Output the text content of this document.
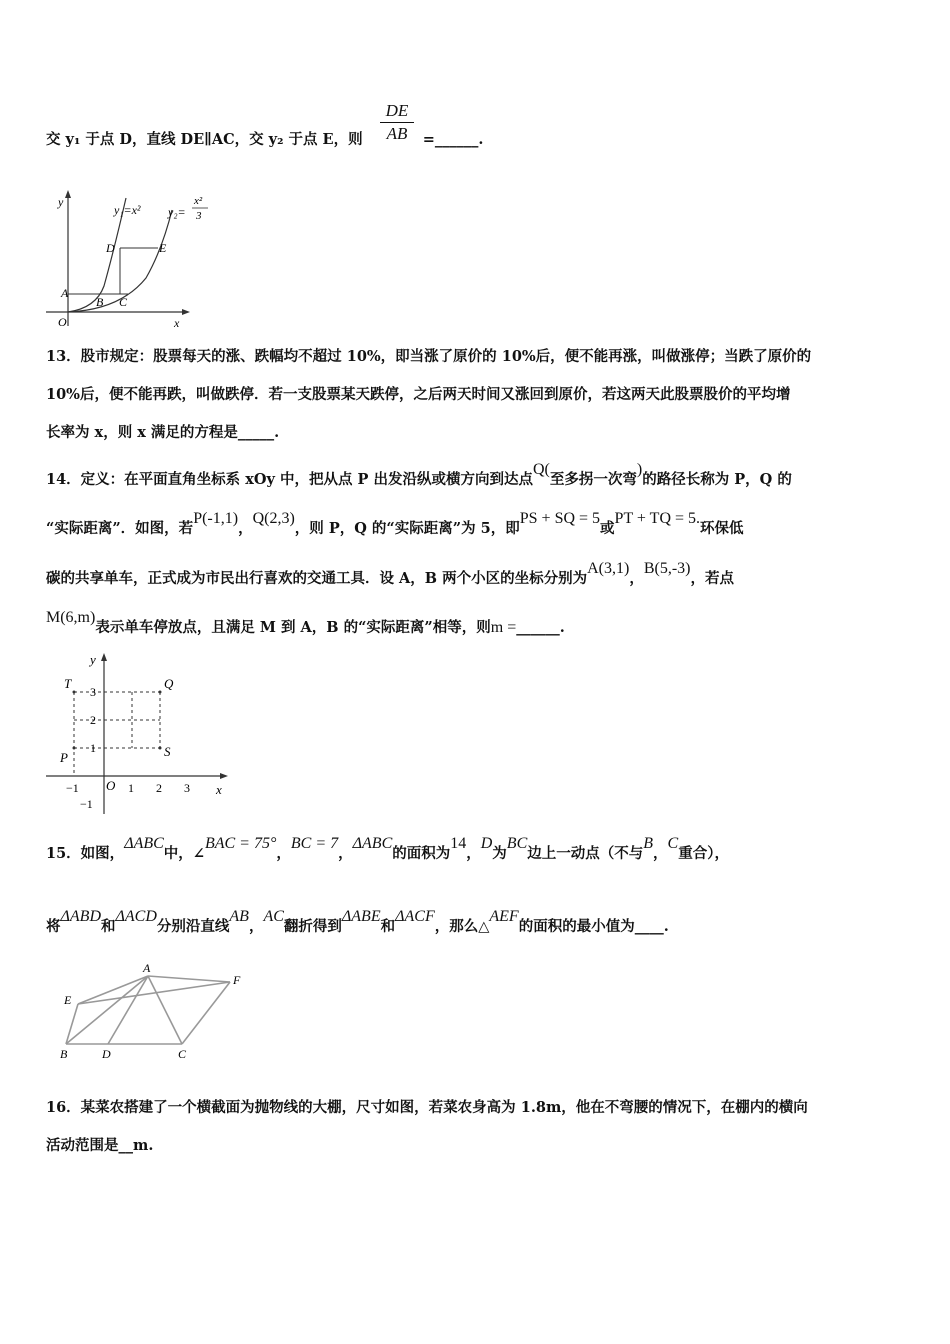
$\frac{DE}{AB}$
交 y₁ 于点 D，直线 DE∥AC，交 y₂ 于点 E，则	=______.
y
x
O
y₁=x² y₂=
x²
3
A
B C
D	E
13．股市规定：股票每天的涨、跌幅均不超过 10%，即当涨了原价的 10%后，便不能再涨，叫做涨停；当跌了原价的
10%后，便不能再跌，叫做跌停．若一支股票某天跌停，之后两天时间又涨回到原价，若这两天此股票股价的平均增
长率为 x，则 x 满足的方程是_____.
14．定义：在平面直角坐标系 xOy 中，把从点 P 出发沿纵或横方向到达点Q(至多拐一次弯)的路径长称为 P，Q 的
“实际距离”．如图，若P(-1,1)，Q(2,3)，则 P，Q 的“实际距离”为 5，即PS + SQ = 5或PT + TQ = 5.环保低
碳的共享单车，正式成为市民出行喜欢的交通工具．设 A，B 两个小区的坐标分别为A(3,1)，B(5,-3)，若点
M(6,m)表示单车停放点，且满足 M 到 A，B 的“实际距离”相等，则m =______.
y
x
O
T	Q
P	S
3
2
1
−1
−1	1 2 3
15．如图，ΔABC中，∠BAC = 75°，BC = 7，ΔABC的面积为14，D为BC边上一动点（不与B，C重合），
将ΔABD和ΔACD分别沿直线AB，AC翻折得到ΔABE和ΔACF，那么△AEF的面积的最小值为____.
A
E
F
B	D	C
16．某菜农搭建了一个横截面为抛物线的大棚，尺寸如图，若菜农身高为 1.8m，他在不弯腰的情况下，在棚内的横向
活动范围是__m.
